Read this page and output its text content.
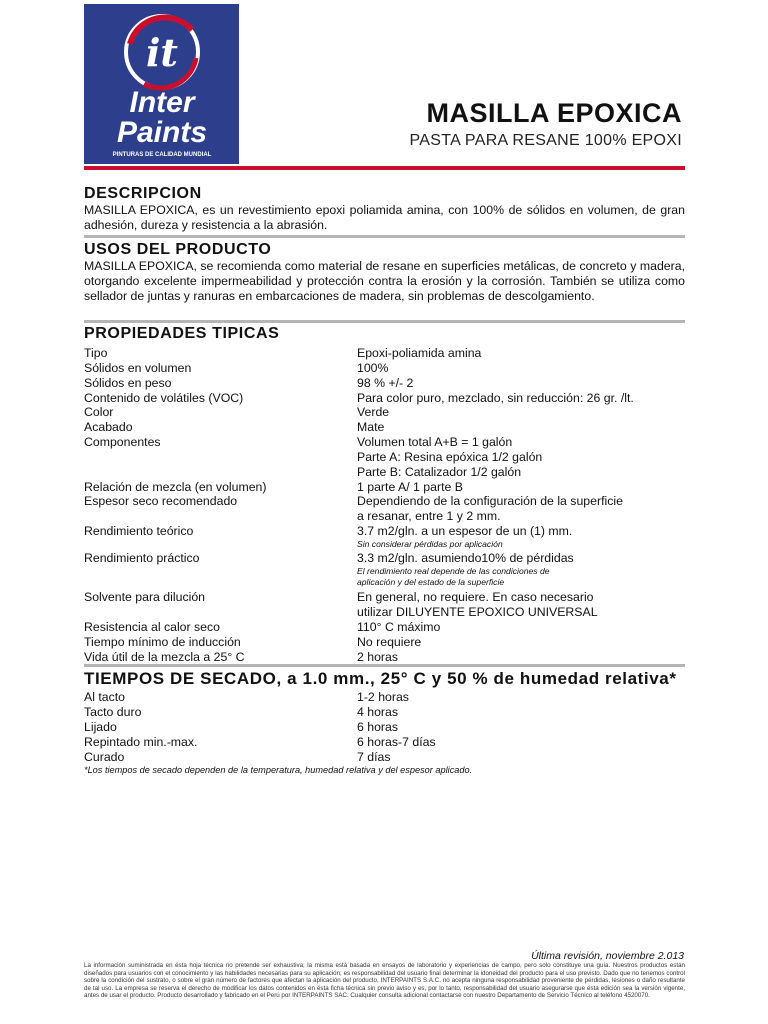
it
Inter
Paints
PINTURAS DE CALIDAD MUNDIAL
MASILLA EPOXICA
PASTA PARA RESANE 100% EPOXI
DESCRIPCION
MASILLA EPOXICA, es un revestimiento epoxi poliamida amina, con 100% de sólidos en volumen, de gran adhesión, dureza y resistencia a la abrasión.
USOS DEL PRODUCTO
MASILLA EPOXICA, se recomienda como material de resane en superficies metálicas, de concreto y madera, otorgando excelente impermeabilidad y protección contra la erosión y la corrosión. También se utiliza como sellador de juntas y ranuras en embarcaciones de madera, sin problemas de descolgamiento.
PROPIEDADES TIPICAS
Tipo	Epoxi-poliamida amina
Sólidos en volumen	100%
Sólidos en peso	98 % +/- 2
Contenido de volátiles (VOC)	Para color puro, mezclado, sin reducción: 26 gr. /lt.
Color	Verde
Acabado	Mate
Componentes	Volumen total A+B = 1 galón
Parte A: Resina epóxica 1/2 galón
Parte B: Catalizador 1/2 galón
Relación de mezcla (en volumen)	1 parte A/ 1 parte B
Espesor seco recomendado	Dependiendo de la configuración de la superficie
a resanar, entre 1 y 2 mm.
Rendimiento teórico	3.7 m2/gln. a un espesor de un (1) mm.
Sin considerar pérdidas por aplicación
Rendimiento práctico	3.3 m2/gln. asumiendo10% de pérdidas
El rendimiento real depende de las condiciones de
aplicación y del estado de la superficie
Solvente para dilución	En general, no requiere. En caso necesario
utilizar DILUYENTE EPOXICO UNIVERSAL
Resistencia al calor seco	110° C máximo
Tiempo mínimo de inducción	No requiere
Vida útil de la mezcla a 25° C	2 horas
TIEMPOS DE SECADO, a 1.0 mm., 25° C y 50 % de humedad relativa*
Al tacto	1-2 horas
Tacto duro	4 horas
Lijado	6 horas
Repintado min.-max.	6 horas-7 días
Curado	7 días
*Los tiempos de secado dependen de la temperatura, humedad relativa y del espesor aplicado.
Última revisión, noviembre 2.013
La información suministrada en ésta hoja técnica no pretende ser exhaustiva; la misma está basada en ensayos de laboratorio y experiencias de campo, pero solo constituye una guía. Nuestros productos están diseñados para usuarios con el conocimiento y las habilidades necesarias para su aplicación; es responsabilidad del usuario final determinar la idoneidad del producto para el uso previsto. Dado que no tenemos control sobre la condición del sustrato, o sobre el gran número de factores que afectan la aplicación del producto, INTERPAINTS S.A.C. no acepta ninguna responsabilidad proveniente de pérdidas, lesiones o daño resultante de tal uso. La empresa se reserva el derecho de modificar los datos contenidos en ésta ficha técnica sin previo aviso y es, por lo tanto, responsabilidad del usuario asegurarse que ésta edición sea la versión vigente, antes de usar el producto. Producto desarrollado y fabricado en el Perú por INTERPAINTS SAC. Cualquier consulta adicional contactarse con nuestro Departamento de Servicio Técnico al teléfono 4520070.
